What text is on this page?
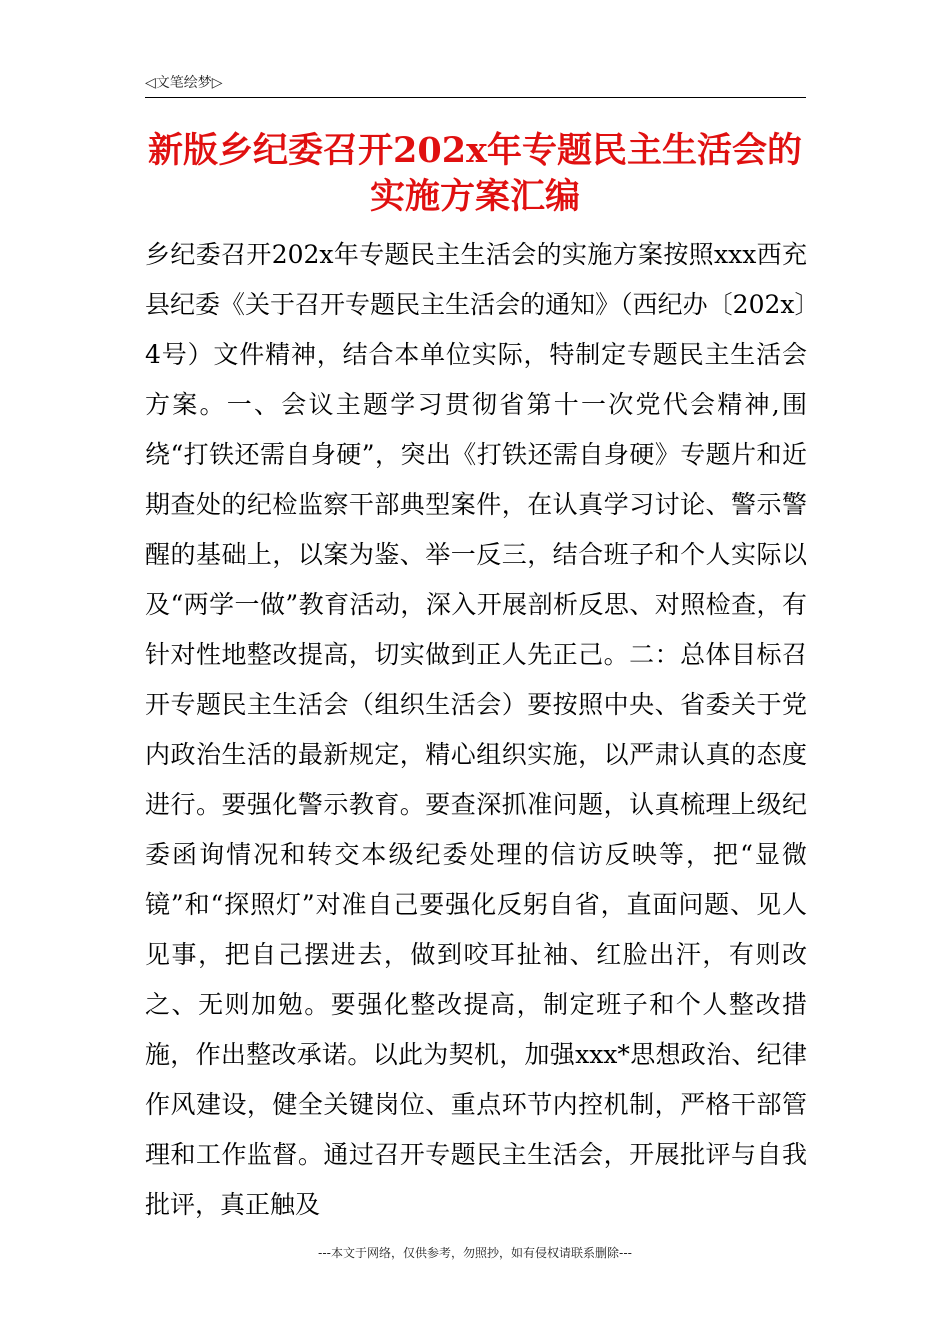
◁文笔绘梦▷
新版乡纪委召开202x年专题民主生活会的实施方案汇编
乡纪委召开202x年专题民主生活会的实施方案按照xxx西充县纪委《关于召开专题民主生活会的通知》（西纪办〔202x〕4号）文件精神，结合本单位实际，特制定专题民主生活会方案。一、会议主题学习贯彻省第十一次党代会精神,围绕“打铁还需自身硬”，突出《打铁还需自身硬》专题片和近期查处的纪检监察干部典型案件，在认真学习讨论、警示警醒的基础上，以案为鉴、举一反三，结合班子和个人实际以及“两学一做”教育活动，深入开展剖析反思、对照检查，有针对性地整改提高，切实做到正人先正己。二：总体目标召开专题民主生活会（组织生活会）要按照中央、省委关于党内政治生活的最新规定，精心组织实施，以严肃认真的态度进行。要强化警示教育。要查深抓准问题，认真梳理上级纪委函询情况和转交本级纪委处理的信访反映等，把“显微镜”和“探照灯”对准自己要强化反躬自省，直面问题、见人见事，把自己摆进去，做到咬耳扯袖、红脸出汗，有则改之、无则加勉。要强化整改提高，制定班子和个人整改措施，作出整改承诺。以此为契机，加强xxx*思想政治、纪律作风建设，健全关键岗位、重点环节内控机制，严格干部管理和工作监督。通过召开专题民主生活会，开展批评与自我批评，真正触及
---本文于网络，仅供参考，勿照抄，如有侵权请联系删除---
